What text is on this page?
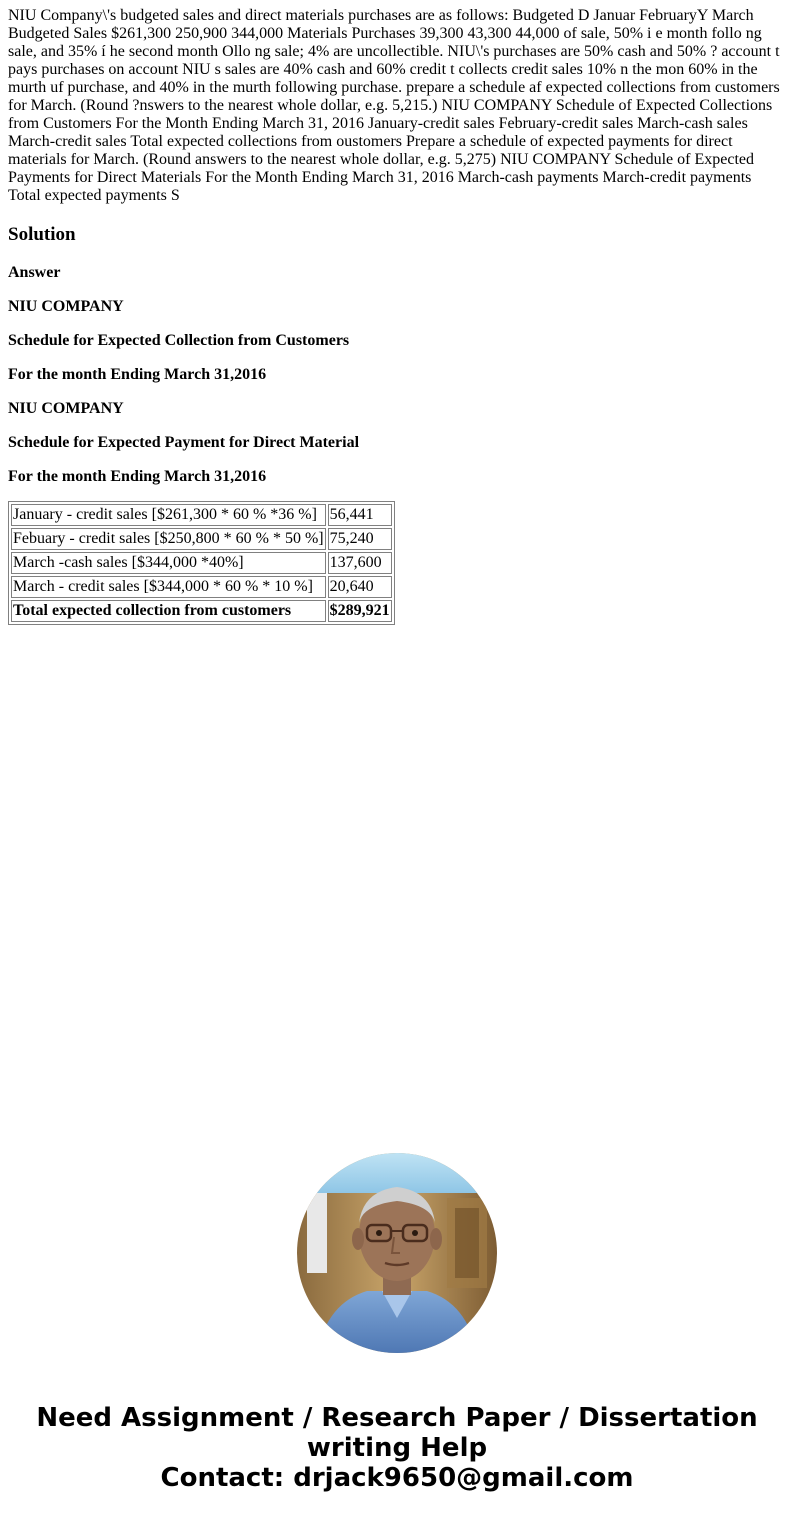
NIU Company\'s budgeted sales and direct materials purchases are as follows: Budgeted D Januar FebruaryY March Budgeted Sales $261,300 250,900 344,000 Materials Purchases 39,300 43,300 44,000 of sale, 50% i e month follo ng sale, and 35% í he second month Ollo ng sale; 4% are uncollectible. NIU\'s purchases are 50% cash and 50% ? account t pays purchases on account NIU s sales are 40% cash and 60% credit t collects credit sales 10% n the mon 60% in the murth uf purchase, and 40% in the murth following purchase. prepare a schedule af expected collections from customers for March. (Round ?nswers to the nearest whole dollar, e.g. 5,215.) NIU COMPANY Schedule of Expected Collections from Customers For the Month Ending March 31, 2016 January-credit sales February-credit sales March-cash sales March-credit sales Total expected collections from oustomers Prepare a schedule of expected payments for direct materials for March. (Round answers to the nearest whole dollar, e.g. 5,275) NIU COMPANY Schedule of Expected Payments for Direct Materials For the Month Ending March 31, 2016 March-cash payments March-credit payments Total expected payments S

Solution

Answer

NIU COMPANY

Schedule for Expected Collection from Customers

For the month Ending March 31,2016

NIU COMPANY

Schedule for Expected Payment for Direct Material

For the month Ending March 31,2016

January - credit sales [$261,300 * 60 % *36 %]	56,441
Febuary - credit sales [$250,800 * 60 % * 50 %]	75,240
March -cash sales [$344,000 *40%]	137,600
March - credit sales [$344,000 * 60 % * 10 %]	20,640
Total expected collection from customers	$289,921
Need Assignment / Research Paper / Dissertation
writing Help
Contact: drjack9650@gmail.com
